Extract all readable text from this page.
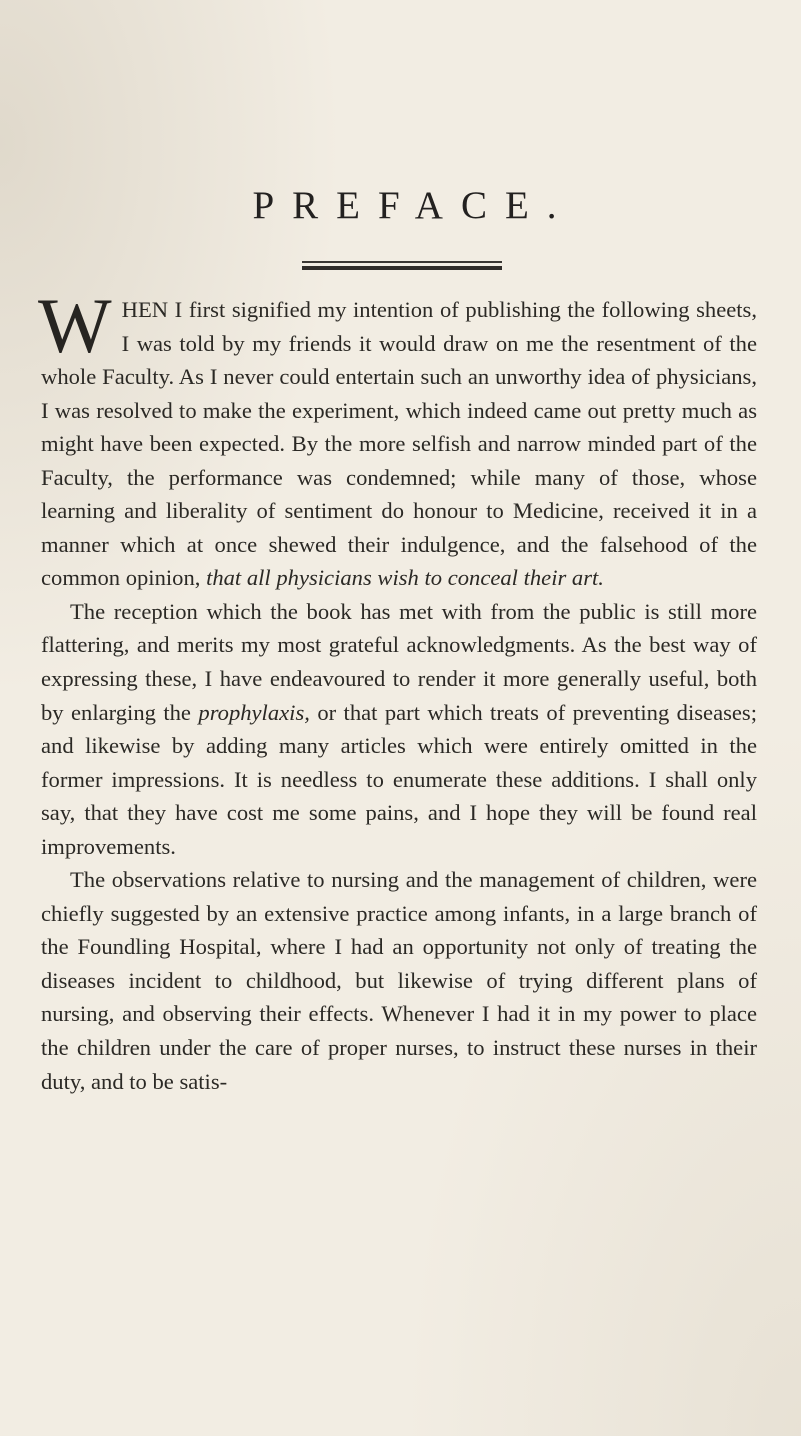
PREFACE.

WHEN I first signified my intention of publishing the following sheets, I was told by my friends it would draw on me the resentment of the whole Faculty. As I never could entertain such an unworthy idea of physicians, I was resolved to make the experiment, which indeed came out pretty much as might have been expected. By the more selfish and narrow minded part of the Faculty, the performance was condemned; while many of those, whose learning and liberality of sentiment do honour to Medicine, received it in a manner which at once shewed their indulgence, and the falsehood of the common opinion, that all physicians wish to conceal their art.

The reception which the book has met with from the public is still more flattering, and merits my most grateful acknowledgments. As the best way of expressing these, I have endeavoured to render it more generally useful, both by enlarging the prophylaxis, or that part which treats of preventing diseases; and likewise by adding many articles which were entirely omitted in the former impressions. It is needless to enumerate these additions. I shall only say, that they have cost me some pains, and I hope they will be found real improvements.

The observations relative to nursing and the management of children, were chiefly suggested by an extensive practice among infants, in a large branch of the Foundling Hospital, where I had an opportunity not only of treating the diseases incident to childhood, but likewise of trying different plans of nursing, and observing their effects. Whenever I had it in my power to place the children under the care of proper nurses, to instruct these nurses in their duty, and to be satis-
